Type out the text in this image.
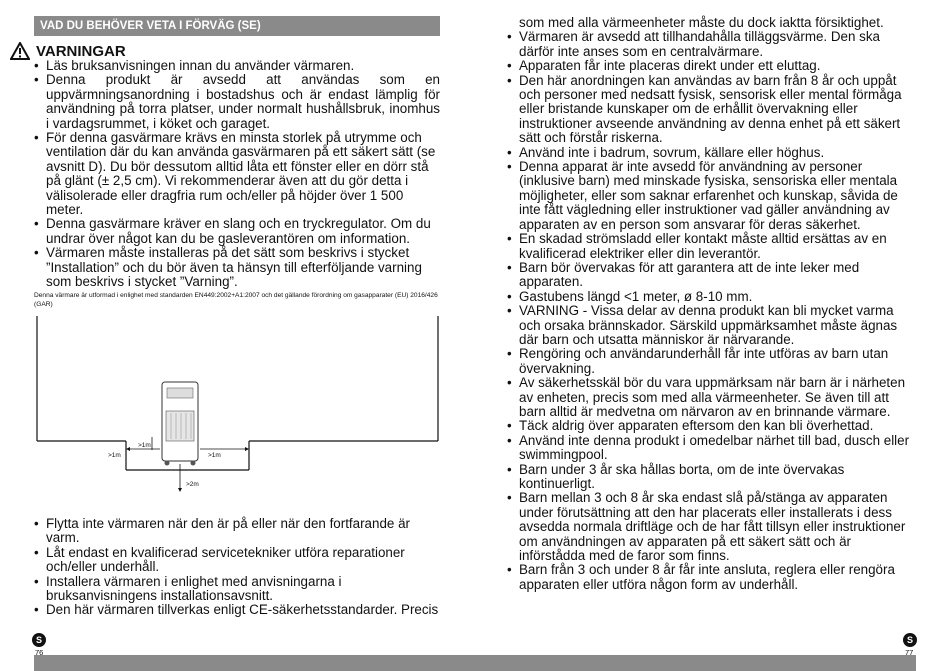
VAD DU BEHÖVER VETA I FÖRVÄG (SE)
VARNINGAR

• Läs bruksanvisningen innan du använder värmaren.

• Denna produkt är avsedd att användas som en uppvärmningsanordning i bostadshus och är endast lämplig för användning på torra platser, under normalt hushållsbruk, inomhus i vardagsrummet, i köket och garaget.

• För denna gasvärmare krävs en minsta storlek på utrymme och ventilation där du kan använda gasvärmaren på ett säkert sätt (se avsnitt D). Du bör dessutom alltid låta ett fönster eller en dörr stå på glänt (± 2,5 cm). Vi rekommenderar även att du gör detta i välisolerade eller dragfria rum och/eller på höjder över 1 500 meter.

• Denna gasvärmare kräver en slang och en tryckregulator. Om du undrar över något kan du be gasleverantören om information.

• Värmaren måste installeras på det sätt som beskrivs i stycket ”Installation” och du bör även ta hänsyn till efterföljande varning som beskrivs i stycket ”Varning”.

Denna värmare är utformad i enlighet med standarden EN449:2002+A1:2007 och det gällande förordning om gasapparater (EU) 2016/426 (GAR)
>1m
>1m	>1m
>2m

• Flytta inte värmaren när den är på eller när den fortfarande är varm.

• Låt endast en kvalificerad servicetekniker utföra reparationer och/eller underhåll.

• Installera värmaren i enlighet med anvisningarna i bruksanvisningens installationsavsnitt.

• Den här värmaren tillverkas enligt CE-säkerhetsstandarder. Precis

S
76

som med alla värmeenheter måste du dock iaktta försiktighet.

• Värmaren är avsedd att tillhandahålla tilläggsvärme. Den ska därför inte anses som en centralvärmare.

• Apparaten får inte placeras direkt under ett eluttag.

• Den här anordningen kan användas av barn från 8 år och uppåt och personer med nedsatt fysisk, sensorisk eller mental förmåga eller bristande kunskaper om de erhållit övervakning eller instruktioner avseende användning av denna enhet på ett säkert sätt och förstår riskerna.

• Använd inte i badrum, sovrum, källare eller höghus.

• Denna apparat är inte avsedd för användning av personer (inklusive barn) med minskade fysiska, sensoriska eller mentala möjligheter, eller som saknar erfarenhet och kunskap, såvida de inte fått vägledning eller instruktioner vad gäller användning av apparaten av en person som ansvarar för deras säkerhet.

• En skadad strömsladd eller kontakt måste alltid ersättas av en kvalificerad elektriker eller din leverantör.

• Barn bör övervakas för att garantera att de inte leker med apparaten.

• Gastubens längd <1 meter, ø 8-10 mm.

• VARNING - Vissa delar av denna produkt kan bli mycket varma och orsaka brännskador. Särskild uppmärksamhet måste ägnas där barn och utsatta människor är närvarande.

• Rengöring och användarunderhåll får inte utföras av barn utan övervakning.

• Av säkerhetsskäl bör du vara uppmärksam när barn är i närheten av enheten, precis som med alla värmeenheter. Se även till att barn alltid är medvetna om närvaron av en brinnande värmare.

• Täck aldrig över apparaten eftersom den kan bli överhettad.

• Använd inte denna produkt i omedelbar närhet till bad, dusch eller swimmingpool.

• Barn under 3 år ska hållas borta, om de inte övervakas kontinuerligt.

• Barn mellan 3 och 8 år ska endast slå på/stänga av apparaten under förutsättning att den har placerats eller installerats i dess avsedda normala driftläge och de har fått tillsyn eller instruktioner om användningen av apparaten på ett säkert sätt och är införstådda med de faror som finns.

• Barn från 3 och under 8 år får inte ansluta, reglera eller rengöra apparaten eller utföra någon form av underhåll.

S
77
